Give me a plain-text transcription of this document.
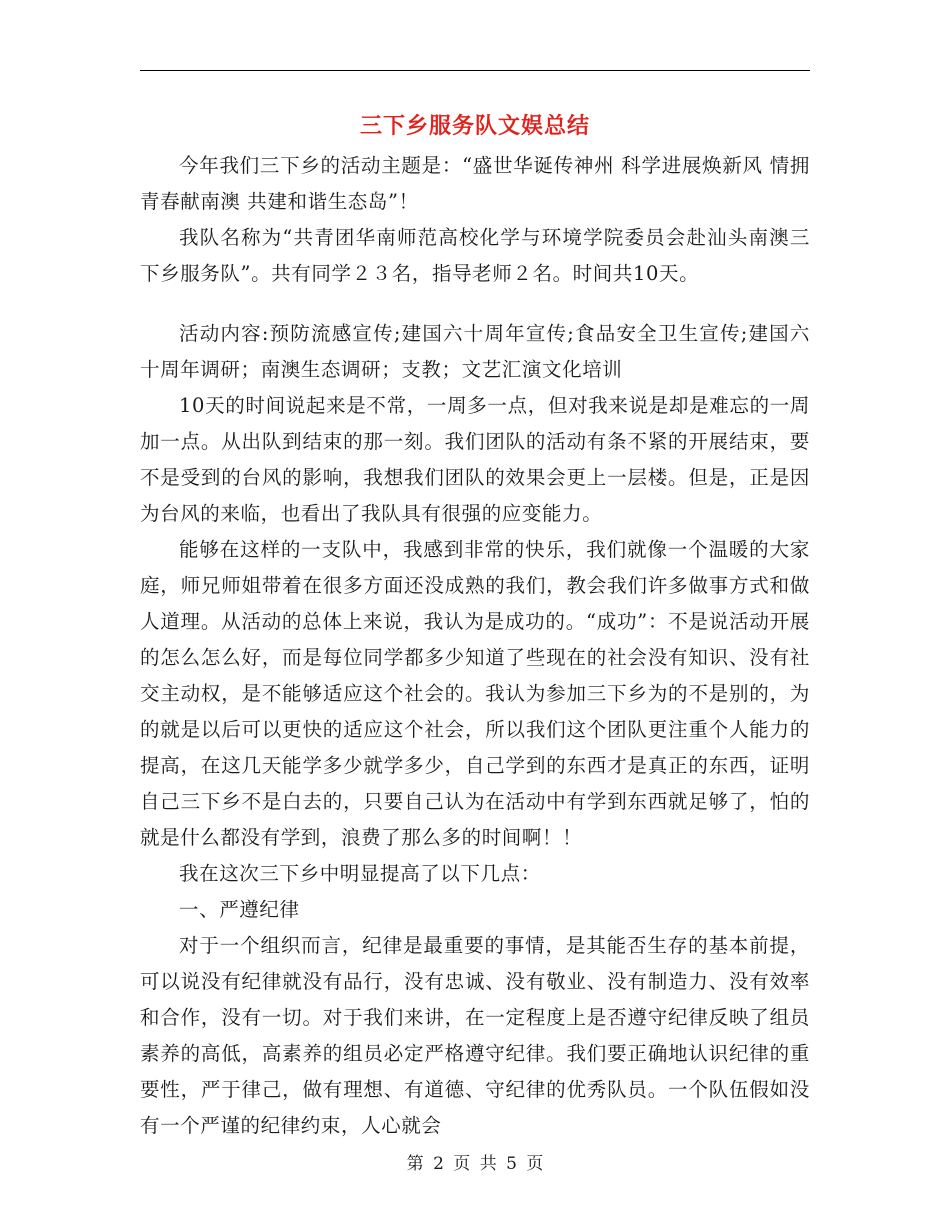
三下乡服务队文娱总结

今年我们三下乡的活动主题是：“盛世华诞传神州 科学进展焕新风 情拥青春献南澳 共建和谐生态岛”！

我队名称为“共青团华南师范高校化学与环境学院委员会赴汕头南澳三下乡服务队”。共有同学２３名，指导老师２名。时间共10天。

活动内容:预防流感宣传;建国六十周年宣传;食品安全卫生宣传;建国六十周年调研；南澳生态调研；支教；文艺汇演文化培训

10天的时间说起来是不常，一周多一点，但对我来说是却是难忘的一周加一点。从出队到结束的那一刻。我们团队的活动有条不紧的开展结束，要不是受到的台风的影响，我想我们团队的效果会更上一层楼。但是，正是因为台风的来临，也看出了我队具有很强的应变能力。

能够在这样的一支队中，我感到非常的快乐，我们就像一个温暖的大家庭，师兄师姐带着在很多方面还没成熟的我们，教会我们许多做事方式和做人道理。从活动的总体上来说，我认为是成功的。“成功”：不是说活动开展的怎么怎么好，而是每位同学都多少知道了些现在的社会没有知识、没有社交主动权，是不能够适应这个社会的。我认为参加三下乡为的不是别的，为的就是以后可以更快的适应这个社会，所以我们这个团队更注重个人能力的提高，在这几天能学多少就学多少，自己学到的东西才是真正的东西，证明自己三下乡不是白去的，只要自己认为在活动中有学到东西就足够了，怕的就是什么都没有学到，浪费了那么多的时间啊！！

我在这次三下乡中明显提高了以下几点：

一、严遵纪律

对于一个组织而言，纪律是最重要的事情，是其能否生存的基本前提，可以说没有纪律就没有品行，没有忠诚、没有敬业、没有制造力、没有效率和合作，没有一切。对于我们来讲，在一定程度上是否遵守纪律反映了组员素养的高低，高素养的组员必定严格遵守纪律。我们要正确地认识纪律的重要性，严于律己，做有理想、有道德、守纪律的优秀队员。一个队伍假如没有一个严谨的纪律约束，人心就会

第 2 页 共 5 页
